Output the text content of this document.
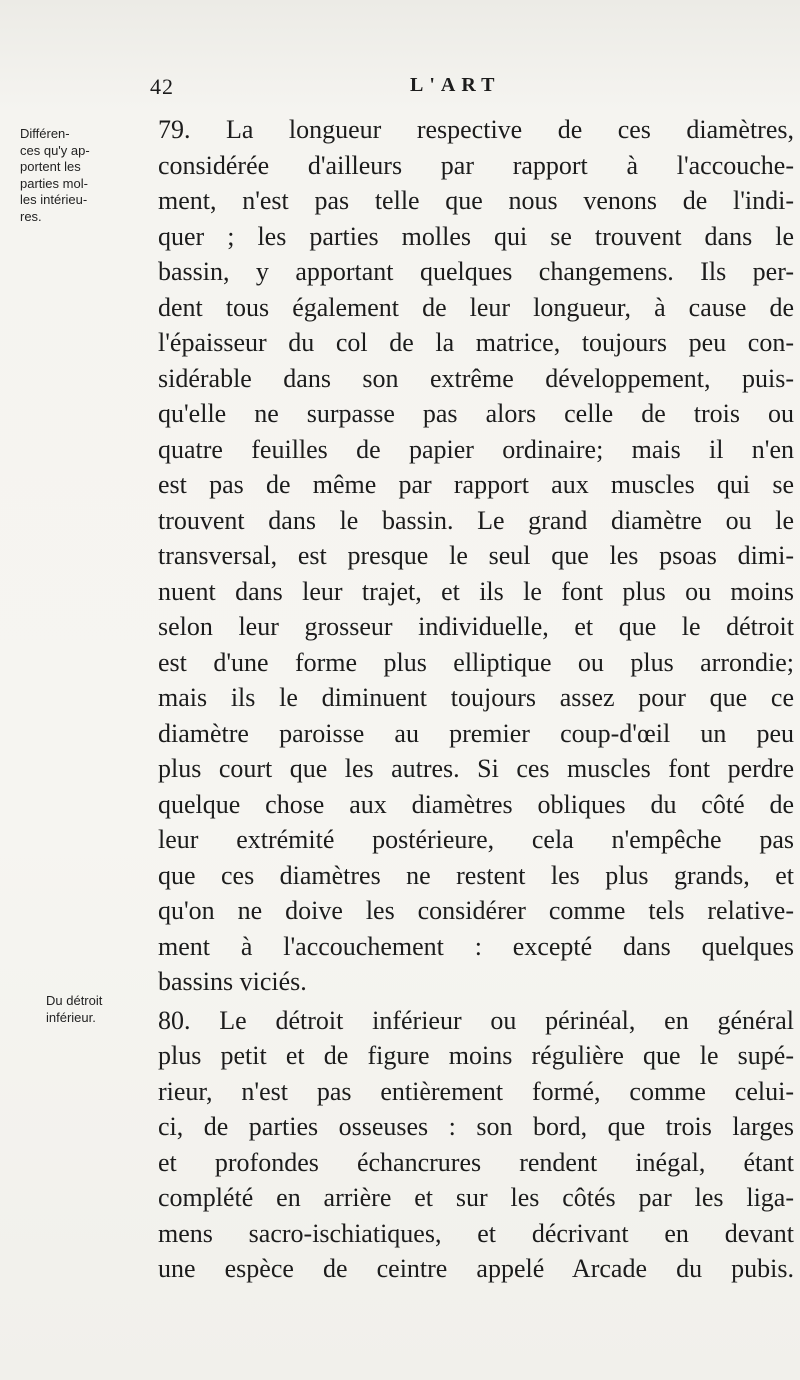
42	L'ART
Différen-
ces qu'y ap-
portent les
parties mol-
les intérieu-
res.
Du détroit
inférieur.
79. La longueur respective de ces diamètres,
considérée d'ailleurs par rapport à l'accouche-
ment, n'est pas telle que nous venons de l'indi-
quer ; les parties molles qui se trouvent dans le
bassin, y apportant quelques changemens. Ils per-
dent tous également de leur longueur, à cause de
l'épaisseur du col de la matrice, toujours peu con-
sidérable dans son extrême développement, puis-
qu'elle ne surpasse pas alors celle de trois ou
quatre feuilles de papier ordinaire; mais il n'en
est pas de même par rapport aux muscles qui se
trouvent dans le bassin. Le grand diamètre ou le
transversal, est presque le seul que les psoas dimi-
nuent dans leur trajet, et ils le font plus ou moins
selon leur grosseur individuelle, et que le détroit
est d'une forme plus elliptique ou plus arrondie;
mais ils le diminuent toujours assez pour que ce
diamètre paroisse au premier coup-d'œil un peu
plus court que les autres. Si ces muscles font perdre
quelque chose aux diamètres obliques du côté de
leur extrémité postérieure, cela n'empêche pas
que ces diamètres ne restent les plus grands, et
qu'on ne doive les considérer comme tels relative-
ment à l'accouchement : excepté dans quelques
bassins viciés.
80. Le détroit inférieur ou périnéal, en général
plus petit et de figure moins régulière que le supé-
rieur, n'est pas entièrement formé, comme celui-
ci, de parties osseuses : son bord, que trois larges
et profondes échancrures rendent inégal, étant
complété en arrière et sur les côtés par les liga-
mens sacro-ischiatiques, et décrivant en devant
une espèce de ceintre appelé Arcade du pubis.
